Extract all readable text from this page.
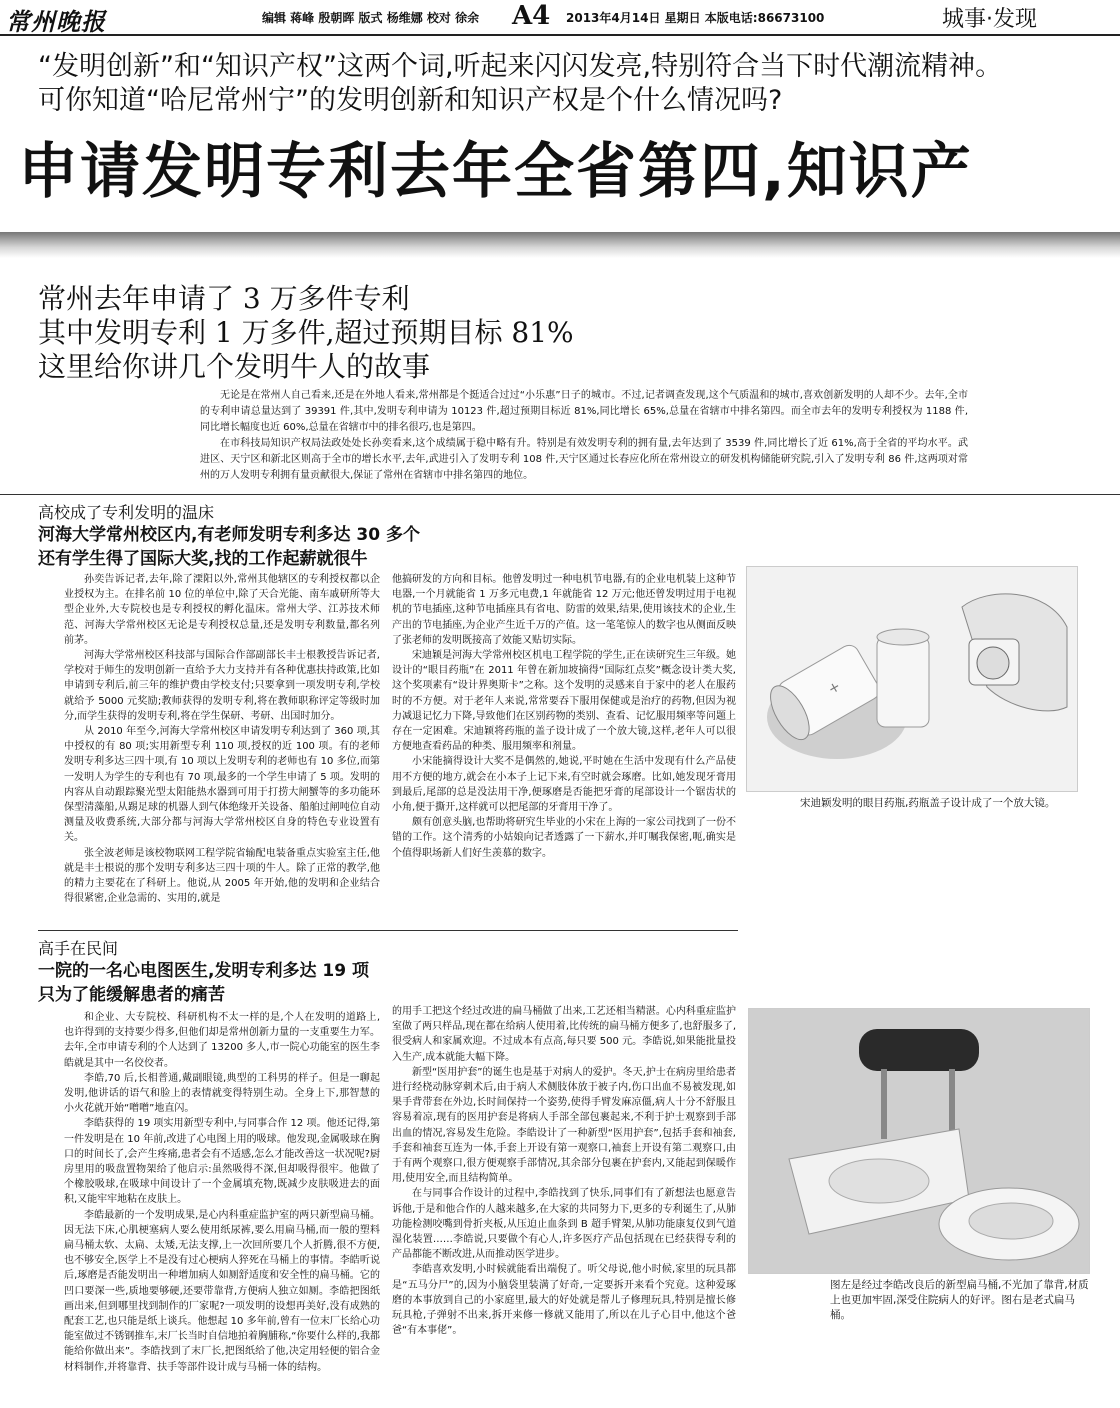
常州晚报	编辑 蒋峰 殷朝晖 版式 杨维娜 校对 徐余 A4 2013年4月14日 星期日 本版电话:86673100	城事·发现
“发明创新”和“知识产权”这两个词,听起来闪闪发亮,特别符合当下时代潮流精神。
可你知道“哈尼常州宁”的发明创新和知识产权是个什么情况吗?
申请发明专利去年全省第四,知识产
常州去年申请了 3 万多件专利
其中发明专利 1 万多件,超过预期目标 81%
这里给你讲几个发明牛人的故事

无论是在常州人自己看来,还是在外地人看来,常州都是个挺适合过过“小乐惠”日子的城市。不过,记者调查发现,这个气质温和的城市,喜欢创新发明的人却不少。去年,全市的专利申请总量达到了 39391 件,其中,发明专利申请为 10123 件,超过预期目标近 81%,同比增长 65%,总量在省辖市中排名第四。而全市去年的发明专利授权为 1188 件,同比增长幅度也近 60%,总量在省辖市中的排名很巧,也是第四。

在市科技局知识产权局法政处处长孙奕看来,这个成绩属于稳中略有升。特别是有效发明专利的拥有量,去年达到了 3539 件,同比增长了近 61%,高于全省的平均水平。武进区、天宁区和新北区则高于全市的增长水平,去年,武进引入了发明专利 108 件,天宁区通过长春应化所在常州设立的研发机构储能研究院,引入了发明专利 86 件,这两项对常州的万人发明专利拥有量贡献很大,保证了常州在省辖市中排名第四的地位。

高校成了专利发明的温床
河海大学常州校区内,有老师发明专利多达 30 多个
还有学生得了国际大奖,找的工作起薪就很牛

孙奕告诉记者,去年,除了溧阳以外,常州其他辖区的专利授权都以企业授权为主。在排名前 10 位的单位中,除了天合光能、南车戚研所等大型企业外,大专院校也是专利授权的孵化温床。常州大学、江苏技术师范、河海大学常州校区无论是专利授权总量,还是发明专利数量,都名列前茅。

河海大学常州校区科技部与国际合作部副部长丰士根教授告诉记者,学校对于师生的发明创新一直给予大力支持并有各种优惠扶持政策,比如申请到专利后,前三年的维护费由学校支付;只要拿到一项发明专利,学校就给予 5000 元奖励;教师获得的发明专利,将在教师职称评定等级时加分,而学生获得的发明专利,将在学生保研、考研、出国时加分。

从 2010 年至今,河海大学常州校区申请发明专利达到了 360 项,其中授权的有 80 项;实用新型专利 110 项,授权的近 100 项。有的老师发明专利多达三四十项,有 10 项以上发明专利的老师也有 10 多位,而第一发明人为学生的专利也有 70 项,最多的一个学生申请了 5 项。发明的内容从自动跟踪聚光型太阳能热水器到可用于打捞大闸蟹等的多功能环保型清藻船,从踢足球的机器人到气体绝缘开关设备、船舶过闸吨位自动测量及收费系统,大部分都与河海大学常州校区自身的特色专业设置有关。

张全波老师是该校物联网工程学院省输配电装备重点实验室主任,他就是丰士根说的那个发明专利多达三四十项的牛人。除了正常的教学,他的精力主要花在了科研上。他说,从 2005 年开始,他的发明和企业结合得很紧密,企业急需的、实用的,就是

他搞研发的方向和目标。他曾发明过一种电机节电器,有的企业电机装上这种节电器,一个月就能省 1 万多元电费,1 年就能省 12 万元;他还曾发明过用于电视机的节电插座,这种节电插座具有省电、防雷的效果,结果,使用该技术的企业,生产出的节电插座,为企业产生近千万的产值。这一笔笔惊人的数字也从侧面反映了张老师的发明既接高了效能又贴切实际。

宋迪颖是河海大学常州校区机电工程学院的学生,正在读研究生三年级。她设计的“眼目药瓶”在 2011 年曾在新加坡摘得“国际红点奖”概念设计类大奖,这个奖项素有“设计界奥斯卡”之称。这个发明的灵感来自于家中的老人在服药时的不方便。对于老年人来说,常常要吞下服用保健或是治疗的药物,但因为视力减退记忆力下降,导致他们在区别药物的类别、查看、记忆服用频率等问题上存在一定困难。宋迪颖将药瓶的盖子设计成了一个放大镜,这样,老年人可以很方便地查看药品的种类、服用频率和剂量。

小宋能摘得设计大奖不是偶然的,她说,平时她在生活中发现有什么产品使用不方便的地方,就会在小本子上记下来,有空时就会琢磨。比如,她发现牙膏用到最后,尾部的总是没法用干净,便琢磨是否能把牙膏的尾部设计一个锯齿状的小角,便于撕开,这样就可以把尾部的牙膏用干净了。

颇有创意头脑,也帮助将研究生毕业的小宋在上海的一家公司找到了一份不错的工作。这个清秀的小姑娘向记者透露了一下薪水,并叮嘱我保密,呃,确实是个值得职场新人们好生羡慕的数字。

+
宋迪颖发明的眼目药瓶,药瓶盖子设计成了一个放大镜。
高手在民间
一院的一名心电图医生,发明专利多达 19 项
只为了能缓解患者的痛苦

和企业、大专院校、科研机构不太一样的是,个人在发明的道路上,也许得到的支持要少得多,但他们却是常州创新力量的一支重要生力军。去年,全市申请专利的个人达到了 13200 多人,市一院心功能室的医生李皓就是其中一名佼佼者。

李皓,70 后,长相普通,戴副眼镜,典型的工科男的样子。但是一聊起发明,他讲话的语气和脸上的表情就变得特别生动。全身上下,那智慧的小火花就开始“噌噌”地直闪。

李皓获得的 19 项实用新型专利中,与同事合作 12 项。他还记得,第一件发明是在 10 年前,改进了心电图上用的吸球。他发现,金属吸球在胸口的时间长了,会产生疼痛,患者会有不适感,怎么才能改善这一状况呢?厨房里用的吸盘置物架给了他启示:虽然吸得不深,但却吸得很牢。他做了个橡胶吸球,在吸球中间设计了一个金属填充物,既减少皮肤吸进去的面积,又能牢牢地粘在皮肤上。

李皓最新的一个发明成果,是心内科重症监护室的两只新型扁马桶。因无法下床,心肌梗塞病人要么使用纸尿裤,要么用扁马桶,而一般的塑料扁马桶太软、太扁、太矮,无法支撑,上一次回所要几个人折腾,很不方便,也不够安全,医学上不是没有过心梗病人猝死在马桶上的事情。李皓听说后,琢磨是否能发明出一种增加病人如厕舒适度和安全性的扁马桶。它的凹口要深一些,质地要够硬,还要带靠背,方便病人独立如厕。李皓把图纸画出来,但到哪里找到制作的厂家呢?一项发明的设想再美好,没有成熟的配套工艺,也只能是纸上谈兵。他想起 10 多年前,曾有一位末厂长给心功能室做过不锈钢推车,末厂长当时自信地拍着胸脯称,“你要什么样的,我都能给你做出来”。李皓找到了末厂长,把图纸给了他,决定用轻便的铝合金材料制作,并将靠背、扶手等部件设计成与马桶一体的结构。

的用手工把这个经过改进的扁马桶做了出来,工艺还相当精湛。心内科重症监护室做了两只样品,现在都在给病人使用着,比传统的扁马桶方便多了,也舒服多了,很受病人和家属欢迎。不过成本有点高,每只要 500 元。李皓说,如果能批量投入生产,成本就能大幅下降。

新型“医用护套”的诞生也是基于对病人的爱护。冬天,护士在病房里给患者进行经桡动脉穿刺术后,由于病人术侧肢体放于被子内,伤口出血不易被发现,如果手背带套在外边,长时间保持一个姿势,使得手臂发麻凉僵,病人十分不舒服且容易着凉,现有的医用护套是将病人手部全部包裹起来,不利于护士观察到手部出血的情况,容易发生危险。李皓设计了一种新型“医用护套”,包括手套和袖套,手套和袖套互连为一体,手套上开设有第一观察口,袖套上开设有第二观察口,由于有两个观察口,很方便观察手部情况,其余部分包裹在护套内,又能起到保暖作用,使用安全,而且结构简单。

在与同事合作设计的过程中,李皓找到了快乐,同事们有了新想法也愿意告诉他,于是和他合作的人越来越多,在大家的共同努力下,更多的专利诞生了,从肺功能检测咬嘴到骨折夹板,从压迫止血条到 B 超手臂架,从肺功能康复仪到气道湿化装置……李皓说,只要做个有心人,许多医疗产品包括现在已经获得专利的产品都能不断改进,从而推动医学进步。

李皓喜欢发明,小时候就能看出端倪了。听父母说,他小时候,家里的玩具都是“五马分尸”的,因为小脑袋里装满了好奇,一定要拆开来看个究竟。这种爱琢磨的本事放到自己的小家庭里,最大的好处就是帮儿子修理玩具,特别是擅长修玩具枪,子弹射不出来,拆开来修一修就又能用了,所以在儿子心目中,他这个爸爸“有本事佬”。

图左是经过李皓改良后的新型扁马桶,不光加了靠背,材质上也更加牢固,深受住院病人的好评。图右是老式扁马桶。
